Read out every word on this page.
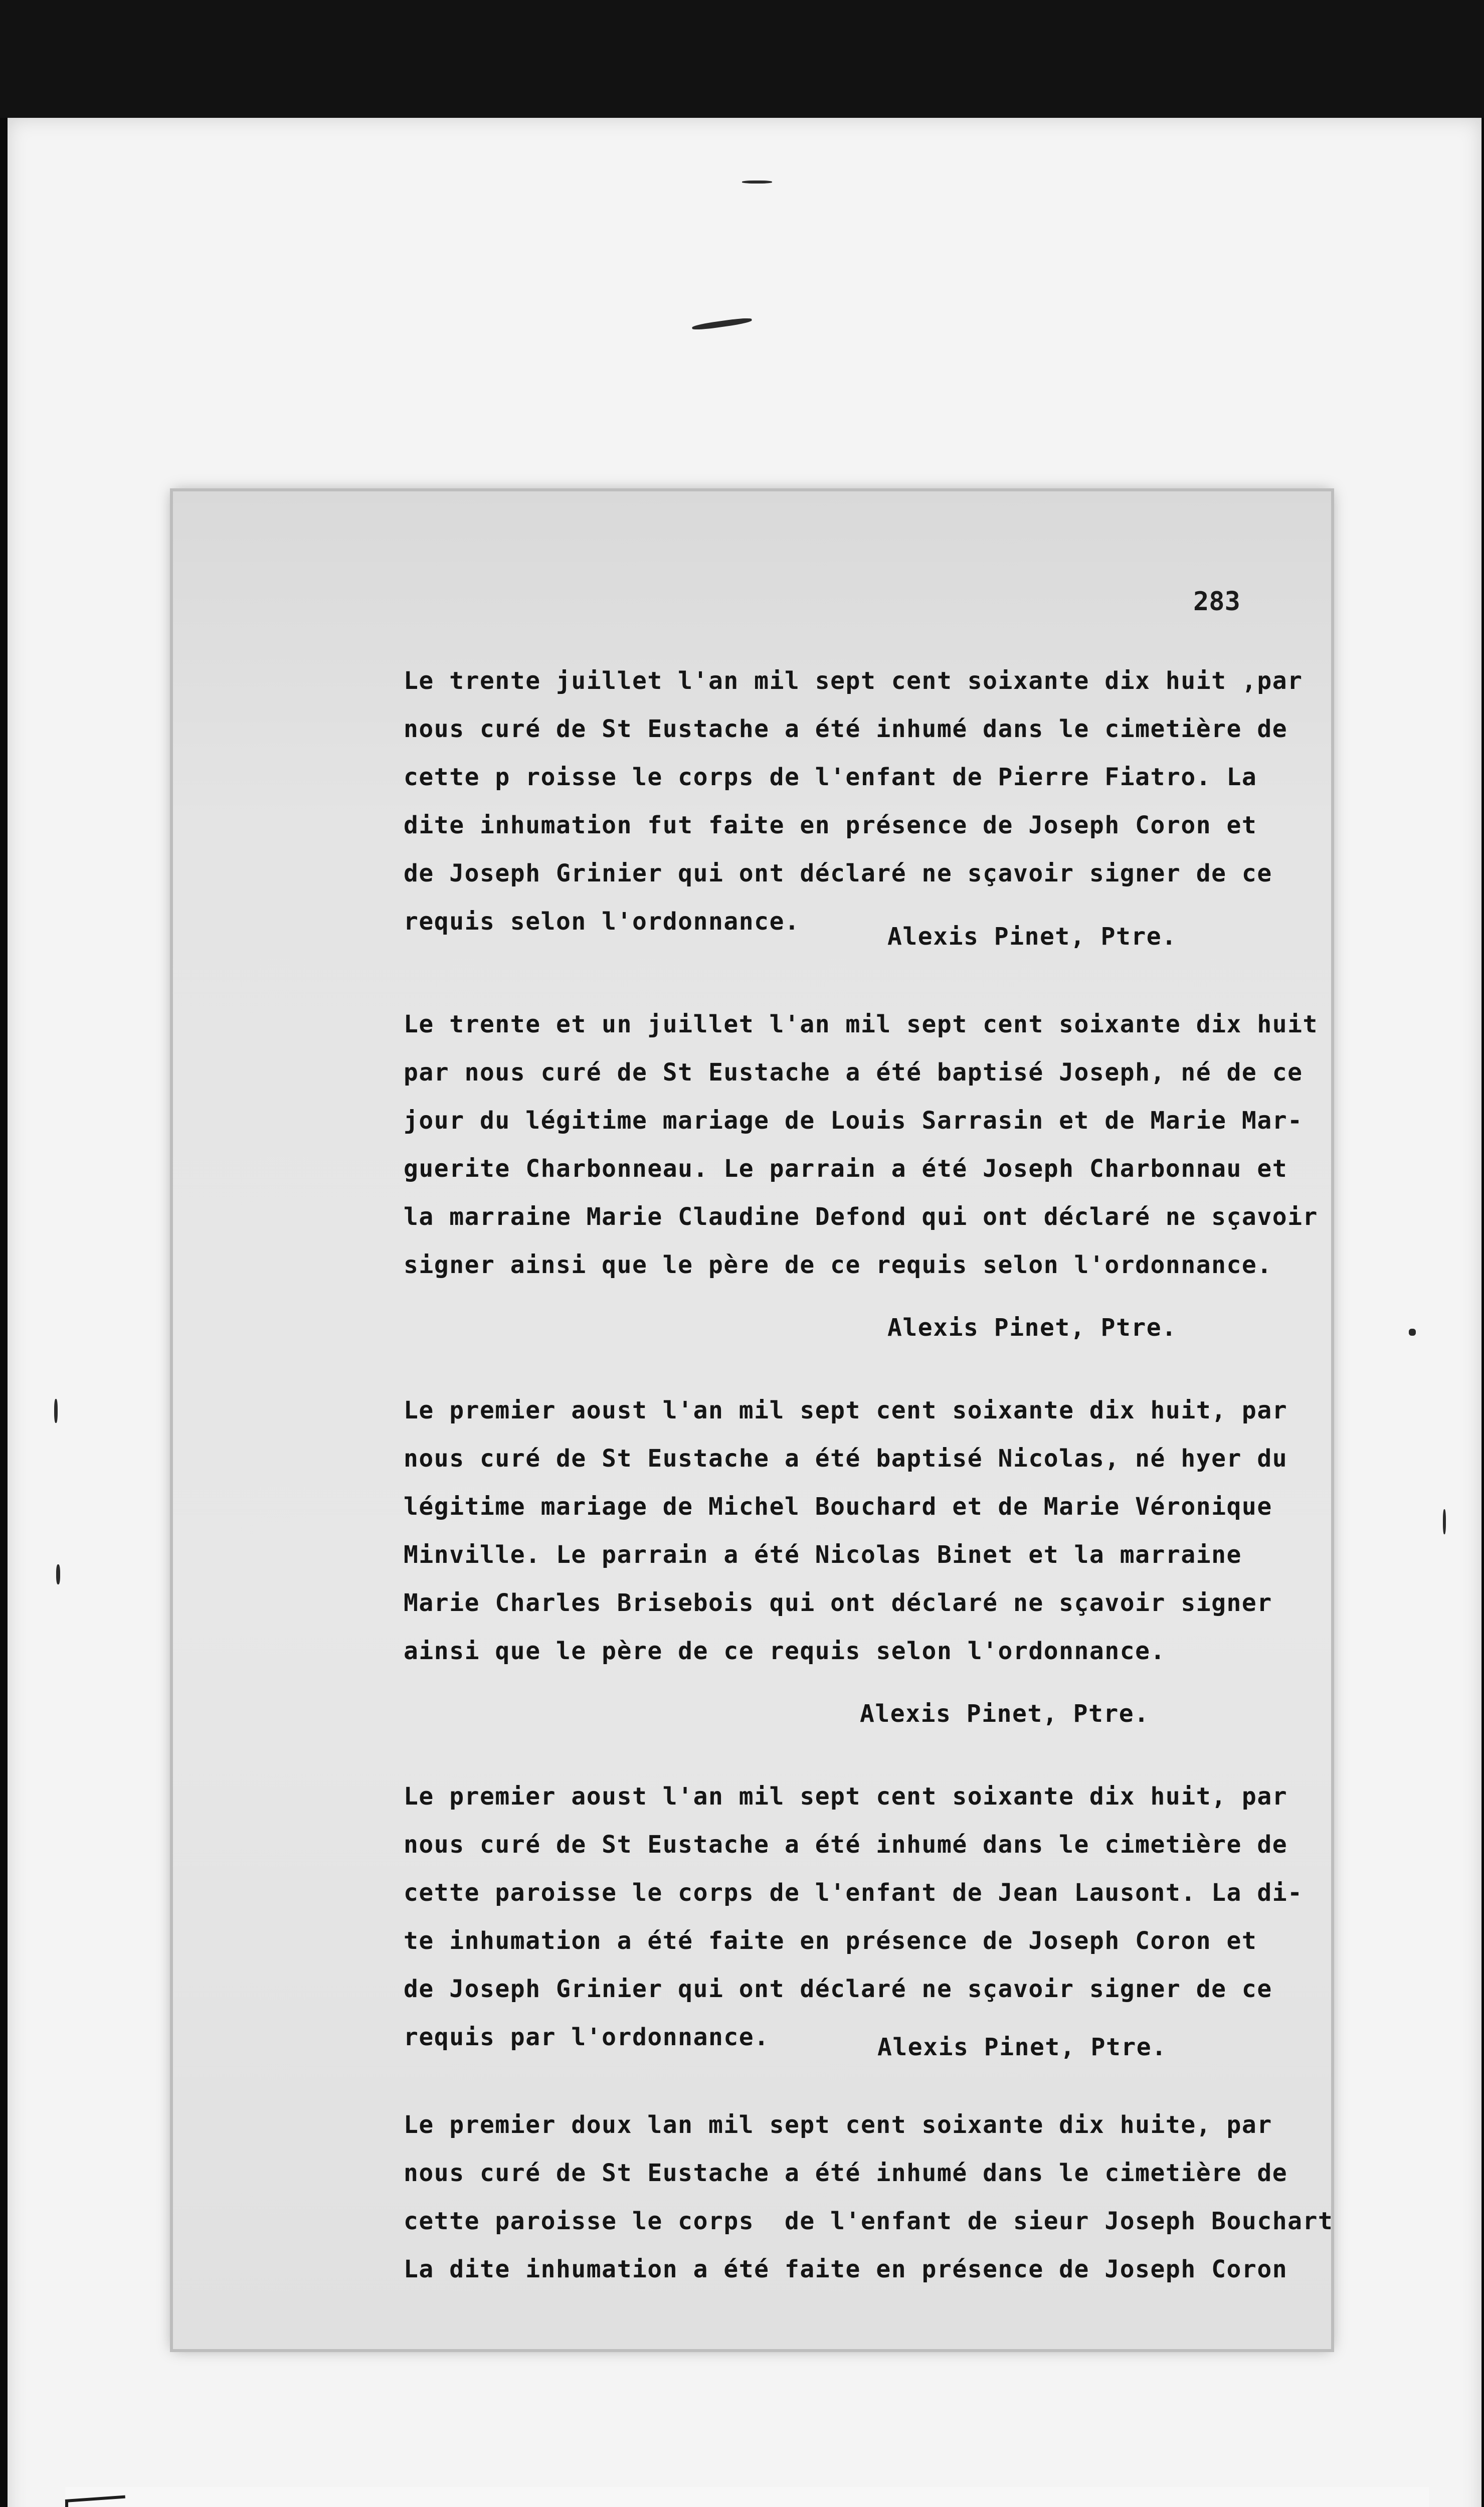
283
Le trente juillet l'an mil sept cent soixante dix huit ,par
nous curé de St Eustache a été inhumé dans le cimetière de
cette p roisse le corps de l'enfant de Pierre Fiatro. La
dite inhumation fut faite en présence de Joseph Coron et
de Joseph Grinier qui ont déclaré ne sçavoir signer de ce
requis selon l'ordonnance.
Alexis Pinet, Ptre.
Le trente et un juillet l'an mil sept cent soixante dix huit
par nous curé de St Eustache a été baptisé Joseph, né de ce
jour du légitime mariage de Louis Sarrasin et de Marie Mar-
guerite Charbonneau. Le parrain a été Joseph Charbonnau et
la marraine Marie Claudine Defond qui ont déclaré ne sçavoir
signer ainsi que le père de ce requis selon l'ordonnance.
Alexis Pinet, Ptre.
Le premier aoust l'an mil sept cent soixante dix huit, par
nous curé de St Eustache a été baptisé Nicolas, né hyer du
légitime mariage de Michel Bouchard et de Marie Véronique
Minville. Le parrain a été Nicolas Binet et la marraine
Marie Charles Brisebois qui ont déclaré ne sçavoir signer
ainsi que le père de ce requis selon l'ordonnance.
Alexis Pinet, Ptre.
Le premier aoust l'an mil sept cent soixante dix huit, par
nous curé de St Eustache a été inhumé dans le cimetière de
cette paroisse le corps de l'enfant de Jean Lausont. La di-
te inhumation a été faite en présence de Joseph Coron et
de Joseph Grinier qui ont déclaré ne sçavoir signer de ce
requis par l'ordonnance.	Alexis Pinet, Ptre.
Le premier doux lan mil sept cent soixante dix huite, par
nous curé de St Eustache a été inhumé dans le cimetière de
cette paroisse le corps  de l'enfant de sieur Joseph Bouchart
La dite inhumation a été faite en présence de Joseph Coron
